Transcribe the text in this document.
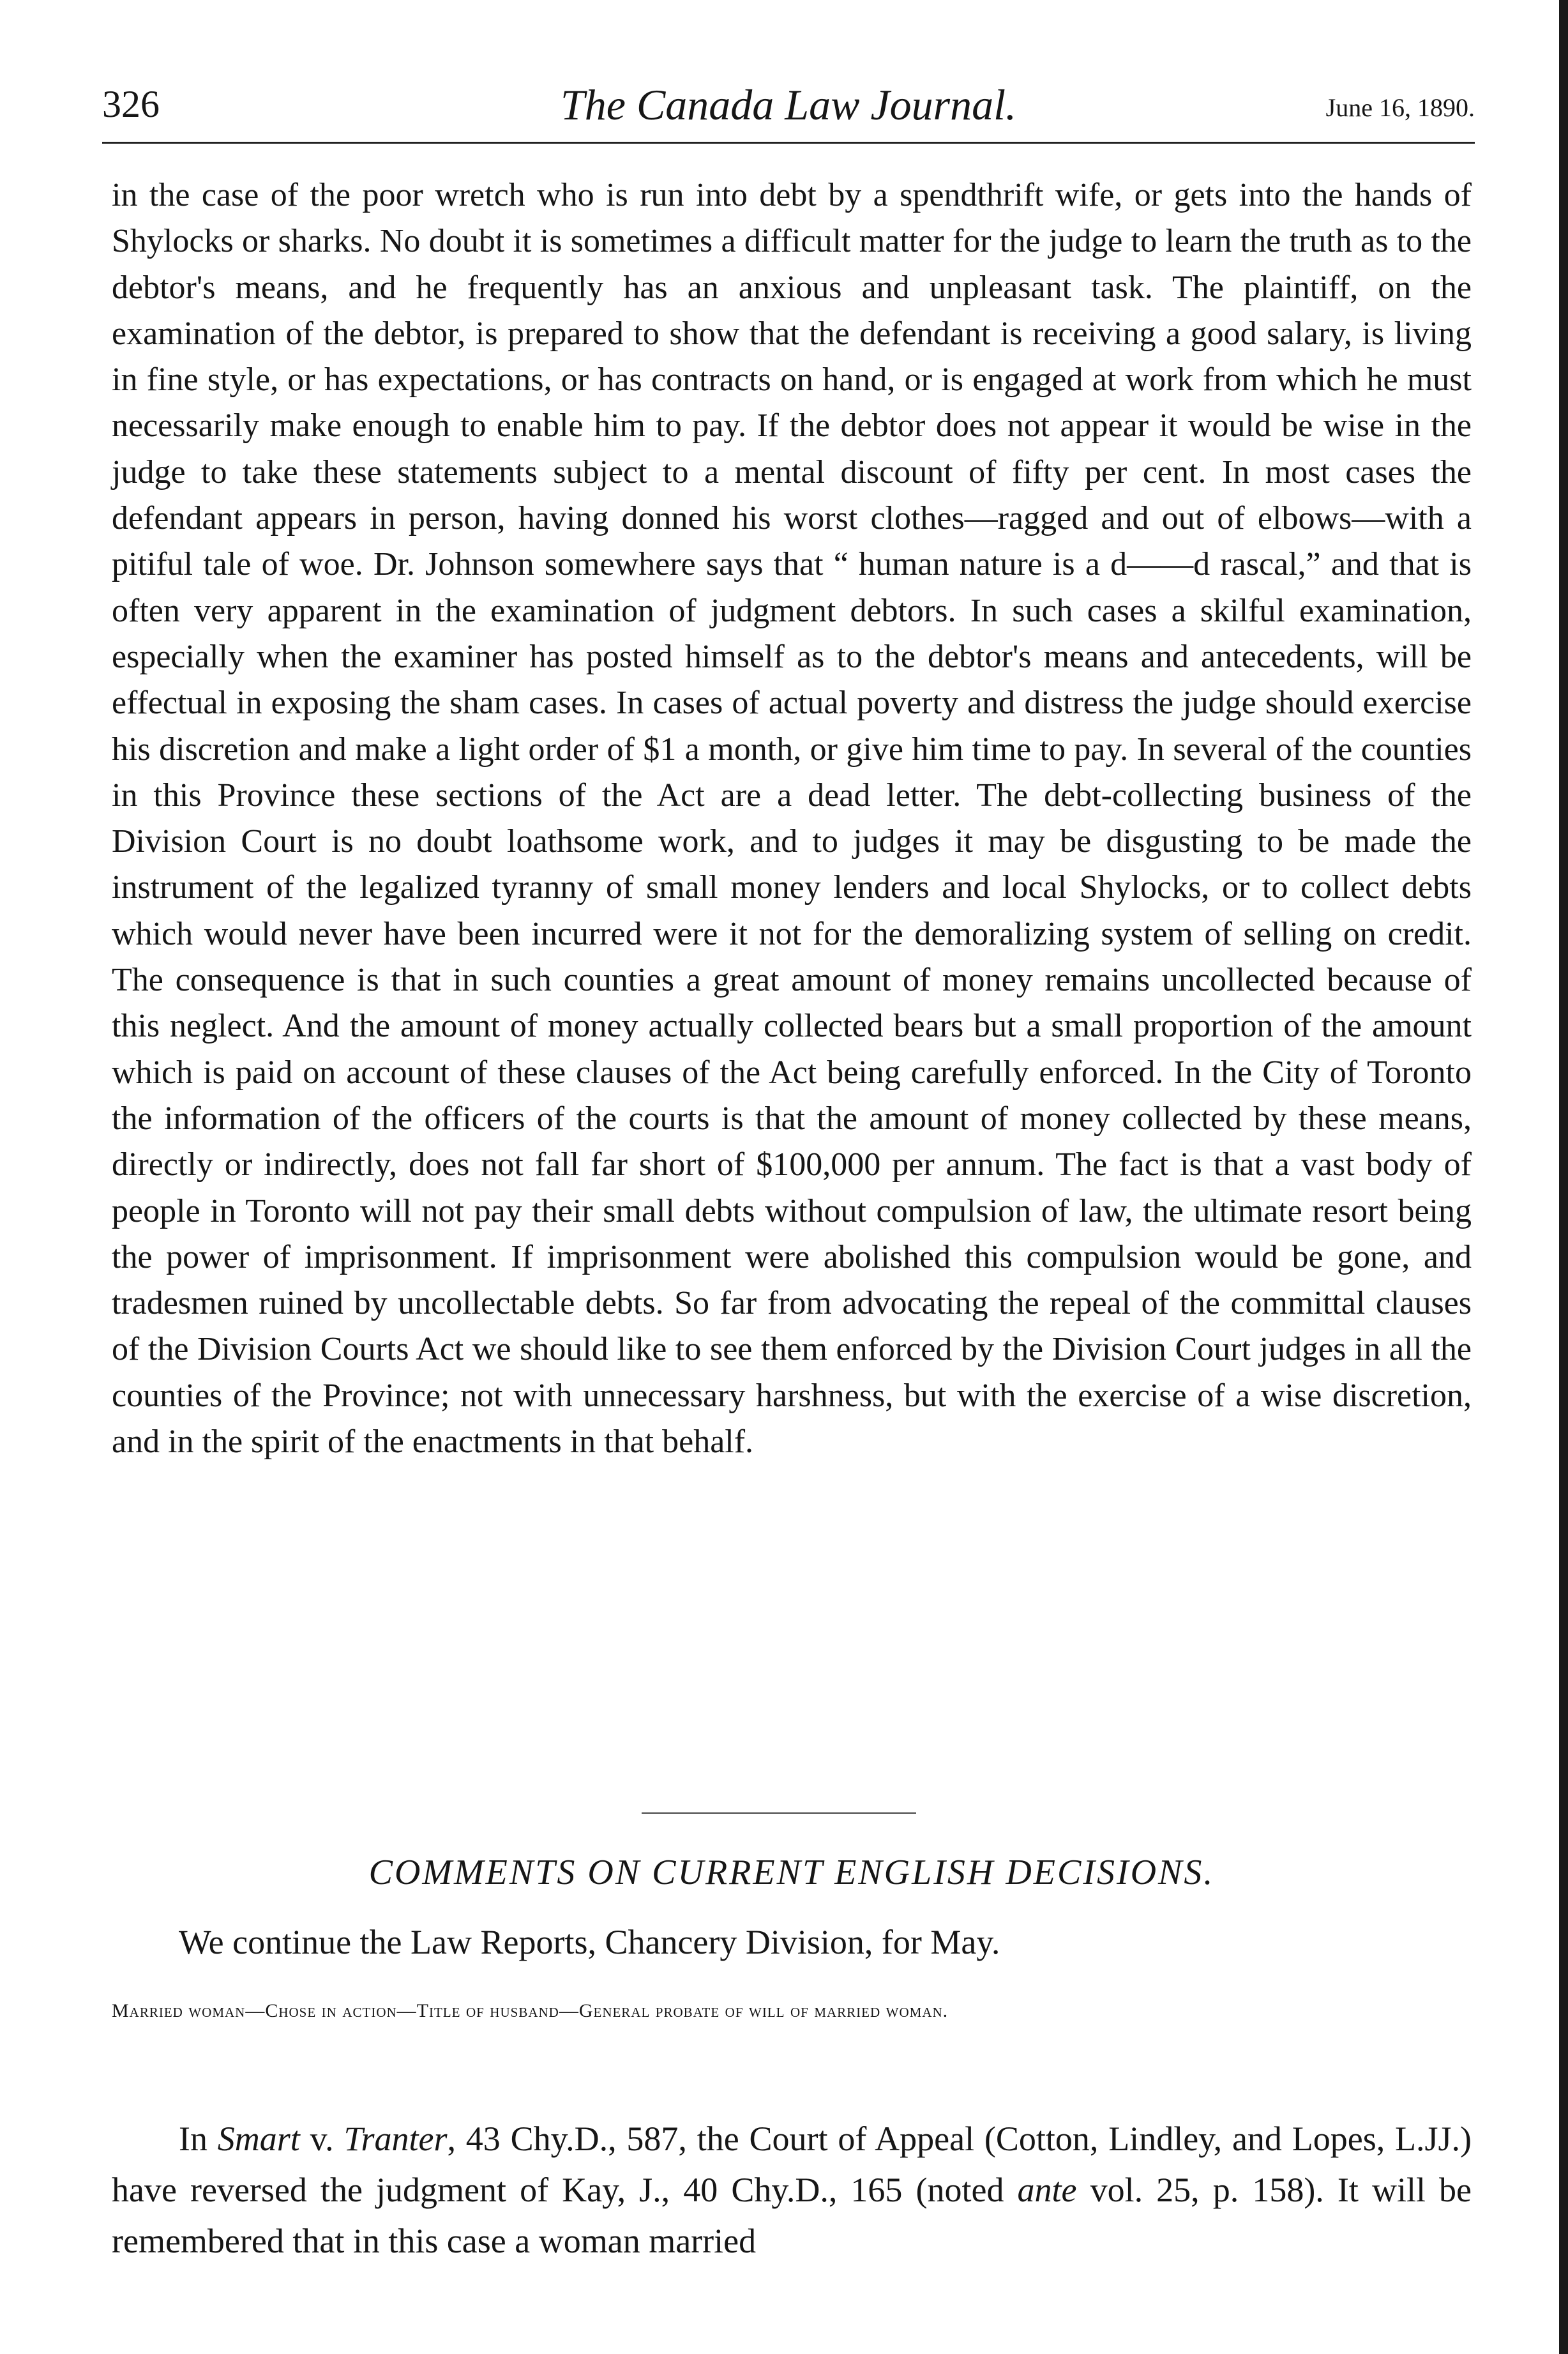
326	The Canada Law Journal.	June 16, 1890.

in the case of the poor wretch who is run into debt by a spendthrift wife, or gets into the hands of Shylocks or sharks. No doubt it is sometimes a difficult matter for the judge to learn the truth as to the debtor's means, and he frequently has an anxious and unpleasant task. The plaintiff, on the examination of the debtor, is prepared to show that the defendant is receiving a good salary, is living in fine style, or has expectations, or has contracts on hand, or is engaged at work from which he must necessarily make enough to enable him to pay. If the debtor does not appear it would be wise in the judge to take these statements subject to a mental discount of fifty per cent. In most cases the defendant appears in person, having donned his worst clothes—ragged and out of elbows—with a pitiful tale of woe. Dr. Johnson somewhere says that “ human nature is a d——d rascal,” and that is often very apparent in the examination of judgment debtors. In such cases a skilful examination, especially when the examiner has posted himself as to the debtor's means and antecedents, will be effectual in exposing the sham cases. In cases of actual poverty and distress the judge should exercise his discretion and make a light order of $1 a month, or give him time to pay. In several of the counties in this Province these sections of the Act are a dead letter. The debt-collecting business of the Division Court is no doubt loathsome work, and to judges it may be disgusting to be made the instrument of the legalized tyranny of small money lenders and local Shylocks, or to collect debts which would never have been incurred were it not for the demoralizing system of selling on credit. The consequence is that in such counties a great amount of money remains uncollected because of this neglect. And the amount of money actually collected bears but a small proportion of the amount which is paid on account of these clauses of the Act being carefully enforced. In the City of Toronto the information of the officers of the courts is that the amount of money collected by these means, directly or indirectly, does not fall far short of $100,000 per annum. The fact is that a vast body of people in Toronto will not pay their small debts without compulsion of law, the ultimate resort being the power of imprisonment. If imprisonment were abolished this compulsion would be gone, and tradesmen ruined by uncollectable debts. So far from advocating the repeal of the committal clauses of the Division Courts Act we should like to see them enforced by the Division Court judges in all the counties of the Province; not with unnecessary harshness, but with the exercise of a wise discretion, and in the spirit of the enactments in that behalf.

COMMENTS ON CURRENT ENGLISH DECISIONS.
We continue the Law Reports, Chancery Division, for May.
Married woman—Chose in action—Title of husband—General probate of will of married woman.

In Smart v. Tranter, 43 Chy.D., 587, the Court of Appeal (Cotton, Lindley, and Lopes, L.JJ.) have reversed the judgment of Kay, J., 40 Chy.D., 165 (noted ante vol. 25, p. 158). It will be remembered that in this case a woman married
